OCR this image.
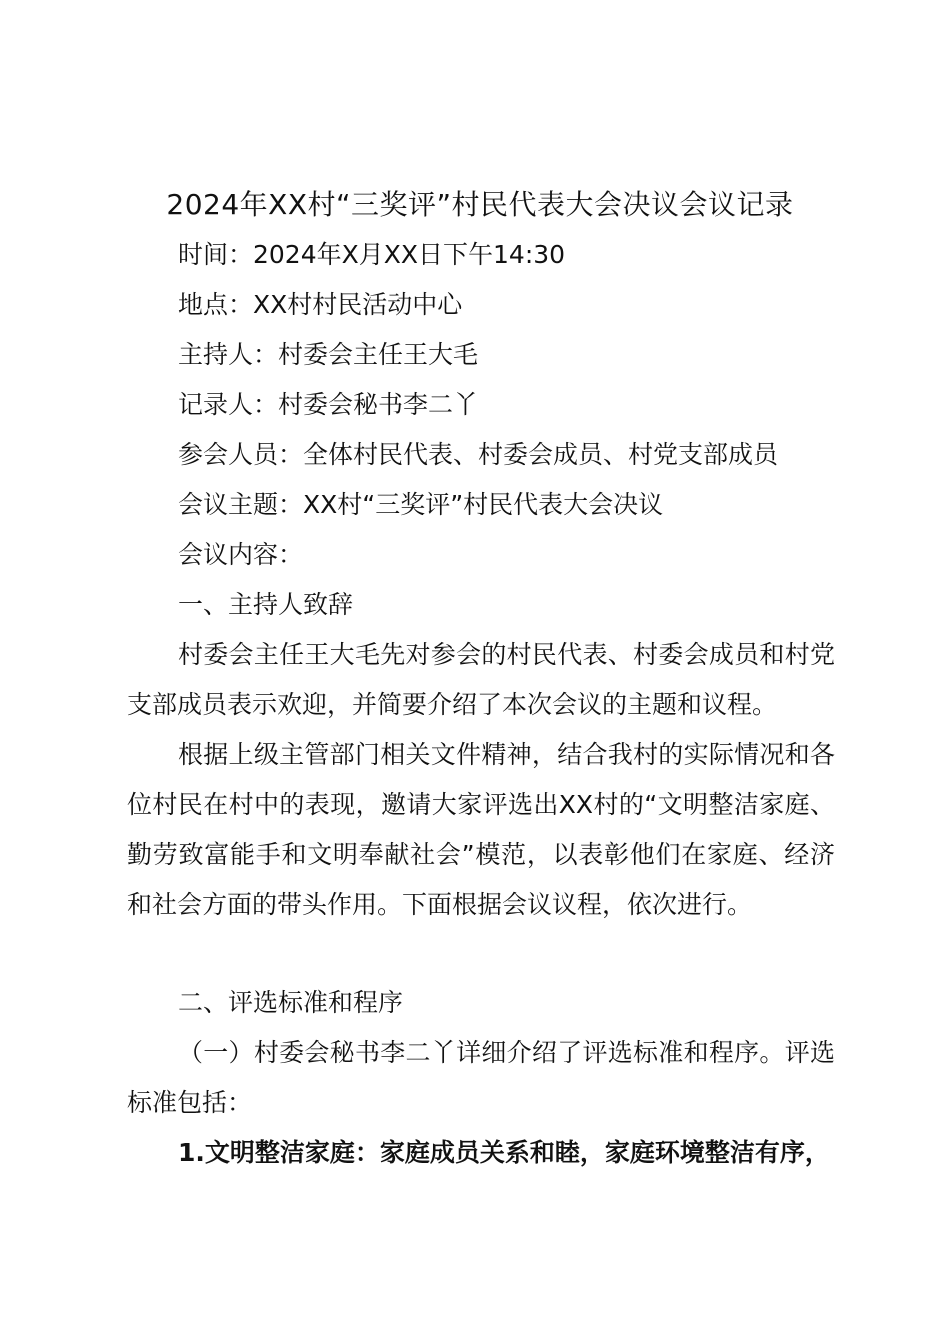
2024年XX村“三奖评”村民代表大会决议会议记录
时间：2024年X月XX日下午14:30
地点：XX村村民活动中心
主持人：村委会主任王大毛
记录人：村委会秘书李二丫
参会人员：全体村民代表、村委会成员、村党支部成员
会议主题：XX村“三奖评”村民代表大会决议
会议内容：
一、主持人致辞

村委会主任王大毛先对参会的村民代表、村委会成员和村党支部成员表示欢迎，并简要介绍了本次会议的主题和议程。

根据上级主管部门相关文件精神，结合我村的实际情况和各位村民在村中的表现，邀请大家评选出XX村的“文明整洁家庭、勤劳致富能手和文明奉献社会”模范，以表彰他们在家庭、经济和社会方面的带头作用。下面根据会议议程，依次进行。

二、评选标准和程序

（一）村委会秘书李二丫详细介绍了评选标准和程序。评选标准包括：

1.文明整洁家庭：家庭成员关系和睦，家庭环境整洁有序，
